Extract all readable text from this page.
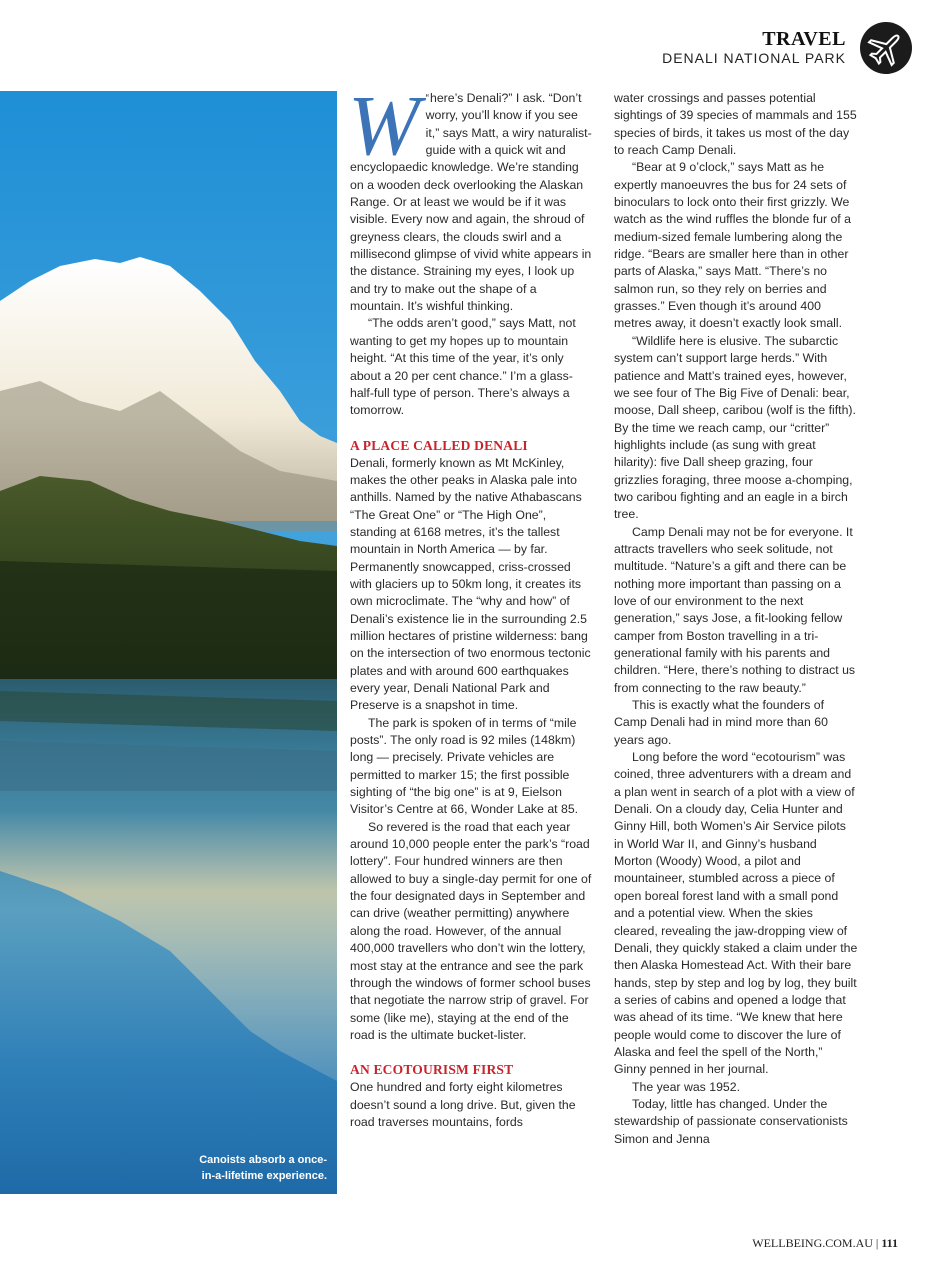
TRAVEL
DENALI NATIONAL PARK
Canoists absorb a once-in-a-lifetime experience.

“
W here’s Denali?” I ask. “Don’t worry, you’ll know if you see it,” says Matt, a wiry naturalist-guide with a quick wit and encyclopaedic knowledge. We’re standing on a wooden deck overlooking the Alaskan Range. Or at least we would be if it was visible. Every now and again, the shroud of greyness clears, the clouds swirl and a millisecond glimpse of vivid white appears in the distance. Straining my eyes, I look up and try to make out the shape of a mountain. It’s wishful thinking.

“The odds aren’t good,” says Matt, not wanting to get my hopes up to mountain height. “At this time of the year, it’s only about a 20 per cent chance.” I’m a glass-half-full type of person. There’s always a tomorrow.

A PLACE CALLED DENALI

Denali, formerly known as Mt McKinley, makes the other peaks in Alaska pale into anthills. Named by the native Athabascans “The Great One” or “The High One”, standing at 6168 metres, it’s the tallest mountain in North America — by far. Permanently snowcapped, criss-crossed with glaciers up to 50km long, it creates its own microclimate. The “why and how” of Denali’s existence lie in the surrounding 2.5 million hectares of pristine wilderness: bang on the intersection of two enormous tectonic plates and with around 600 earthquakes every year, Denali National Park and Preserve is a snapshot in time.

The park is spoken of in terms of “mile posts”. The only road is 92 miles (148km) long — precisely. Private vehicles are permitted to marker 15; the first possible sighting of “the big one” is at 9, Eielson Visitor’s Centre at 66, Wonder Lake at 85.

So revered is the road that each year around 10,000 people enter the park’s “road lottery”. Four hundred winners are then allowed to buy a single-day permit for one of the four designated days in September and can drive (weather permitting) anywhere along the road. However, of the annual 400,000 travellers who don’t win the lottery, most stay at the entrance and see the park through the windows of former school buses that negotiate the narrow strip of gravel. For some (like me), staying at the end of the road is the ultimate bucket-lister.

AN ECOTOURISM FIRST

One hundred and forty eight kilometres doesn’t sound a long drive. But, given the road traverses mountains, fords

water crossings and passes potential sightings of 39 species of mammals and 155 species of birds, it takes us most of the day to reach Camp Denali.

“Bear at 9 o’clock,” says Matt as he expertly manoeuvres the bus for 24 sets of binoculars to lock onto their first grizzly. We watch as the wind ruffles the blonde fur of a medium-sized female lumbering along the ridge. “Bears are smaller here than in other parts of Alaska,” says Matt. “There’s no salmon run, so they rely on berries and grasses.” Even though it’s around 400 metres away, it doesn’t exactly look small.

“Wildlife here is elusive. The subarctic system can’t support large herds.” With patience and Matt’s trained eyes, however, we see four of The Big Five of Denali: bear, moose, Dall sheep, caribou (wolf is the fifth). By the time we reach camp, our “critter” highlights include (as sung with great hilarity): five Dall sheep grazing, four grizzlies foraging, three moose a-chomping, two caribou fighting and an eagle in a birch tree.

Camp Denali may not be for everyone. It attracts travellers who seek solitude, not multitude. “Nature’s a gift and there can be nothing more important than passing on a love of our environment to the next generation,” says Jose, a fit-looking fellow camper from Boston travelling in a tri-generational family with his parents and children. “Here, there’s nothing to distract us from connecting to the raw beauty.”

This is exactly what the founders of Camp Denali had in mind more than 60 years ago.

Long before the word “ecotourism” was coined, three adventurers with a dream and a plan went in search of a plot with a view of Denali. On a cloudy day, Celia Hunter and Ginny Hill, both Women’s Air Service pilots in World War II, and Ginny’s husband Morton (Woody) Wood, a pilot and mountaineer, stumbled across a piece of open boreal forest land with a small pond and a potential view. When the skies cleared, revealing the jaw-dropping view of Denali, they quickly staked a claim under the then Alaska Homestead Act. With their bare hands, step by step and log by log, they built a series of cabins and opened a lodge that was ahead of its time. “We knew that here people would come to discover the lure of Alaska and feel the spell of the North,” Ginny penned in her journal.

The year was 1952.

Today, little has changed. Under the stewardship of passionate conservationists Simon and Jenna

WELLBEING.COM.AU | 111
